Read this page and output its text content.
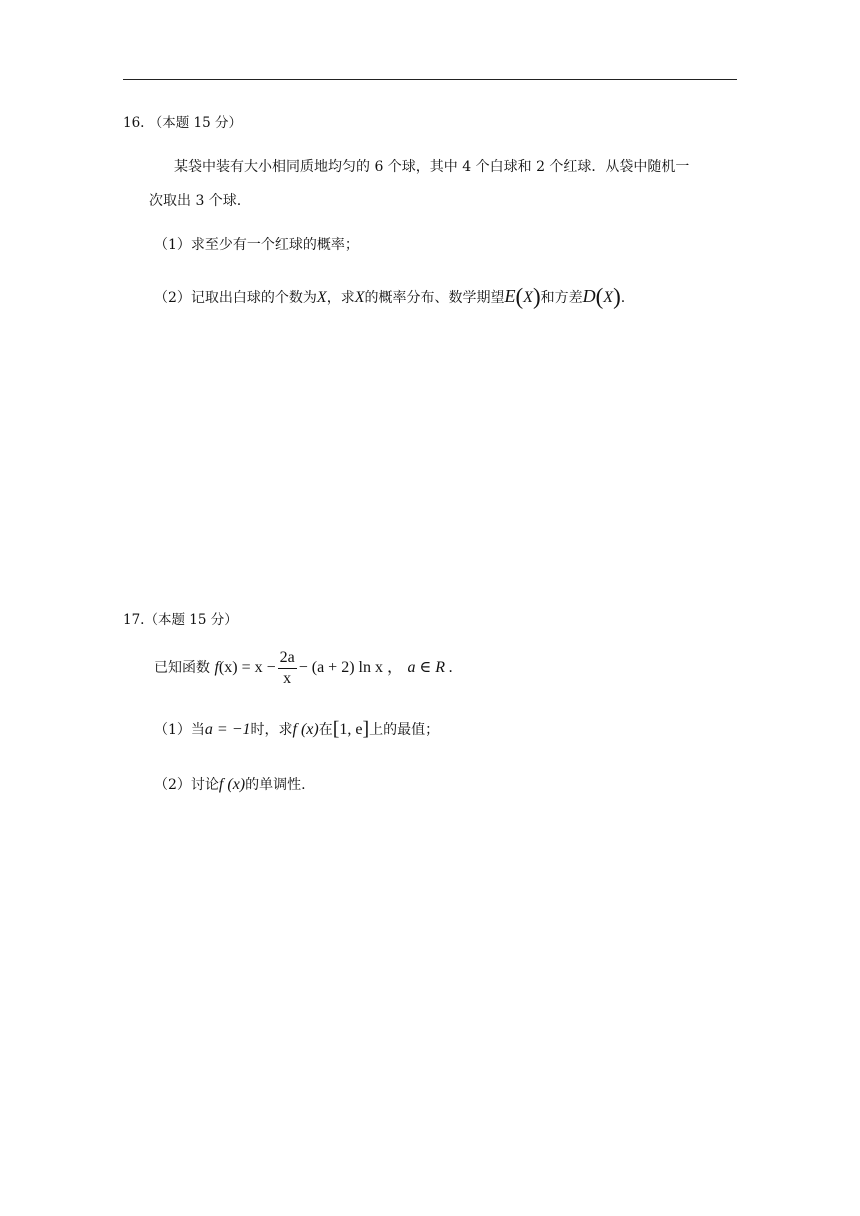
16. （本题 15 分）
某袋中装有大小相同质地均匀的 6 个球，其中 4 个白球和 2 个红球．从袋中随机一
次取出 3 个球.
（1）求至少有一个红球的概率；
（2）记取出白球的个数为X，求X的概率分布、数学期望E(X)和方差D(X).
17.（本题 15 分）
已知函数 $f(x) = x - \frac{2a}{x} - (a + 2)$ ln x ， a ∈ R .
（1）当a = −1时，求f (x)在[1, e]上的最值；
（2）讨论f (x)的单调性.
